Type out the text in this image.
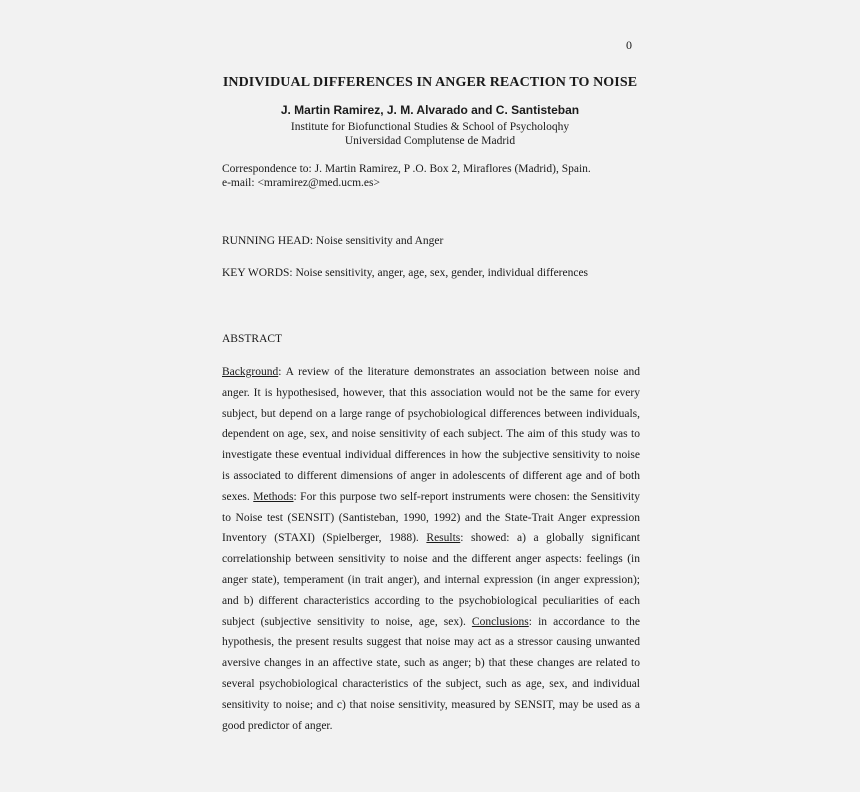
0
INDIVIDUAL DIFFERENCES IN ANGER REACTION TO NOISE
J. Martin Ramirez, J. M. Alvarado and C. Santisteban
Institute for Biofunctional Studies & School of Psycholoqhy
Universidad Complutense de Madrid
Correspondence to: J. Martin Ramirez, P .O. Box 2, Miraflores (Madrid), Spain.
e-mail: <mramirez@med.ucm.es>
RUNNING HEAD: Noise sensitivity and Anger
KEY WORDS: Noise sensitivity, anger, age, sex, gender, individual differences
ABSTRACT
Background: A review of the literature demonstrates an association between noise and anger. It is hypothesised, however, that this association would not be the same for every subject, but depend on a large range of psychobiological differences between individuals, dependent on age, sex, and noise sensitivity of each subject. The aim of this study was to investigate these eventual individual differences in how the subjective sensitivity to noise is associated to different dimensions of anger in adolescents of different age and of both sexes. Methods: For this purpose two self-report instruments were chosen: the Sensitivity to Noise test (SENSIT) (Santisteban, 1990, 1992) and the State-Trait Anger expression Inventory (STAXI) (Spielberger, 1988). Results: showed: a) a globally significant correlationship between sensitivity to noise and the different anger aspects: feelings (in anger state), temperament (in trait anger), and internal expression (in anger expression); and b) different characteristics according to the psychobiological peculiarities of each subject (subjective sensitivity to noise, age, sex). Conclusions: in accordance to the hypothesis, the present results suggest that noise may act as a stressor causing unwanted aversive changes in an affective state, such as anger; b) that these changes are related to several psychobiological characteristics of the subject, such as age, sex, and individual sensitivity to noise; and c) that noise sensitivity, measured by SENSIT, may be used as a good predictor of anger.
